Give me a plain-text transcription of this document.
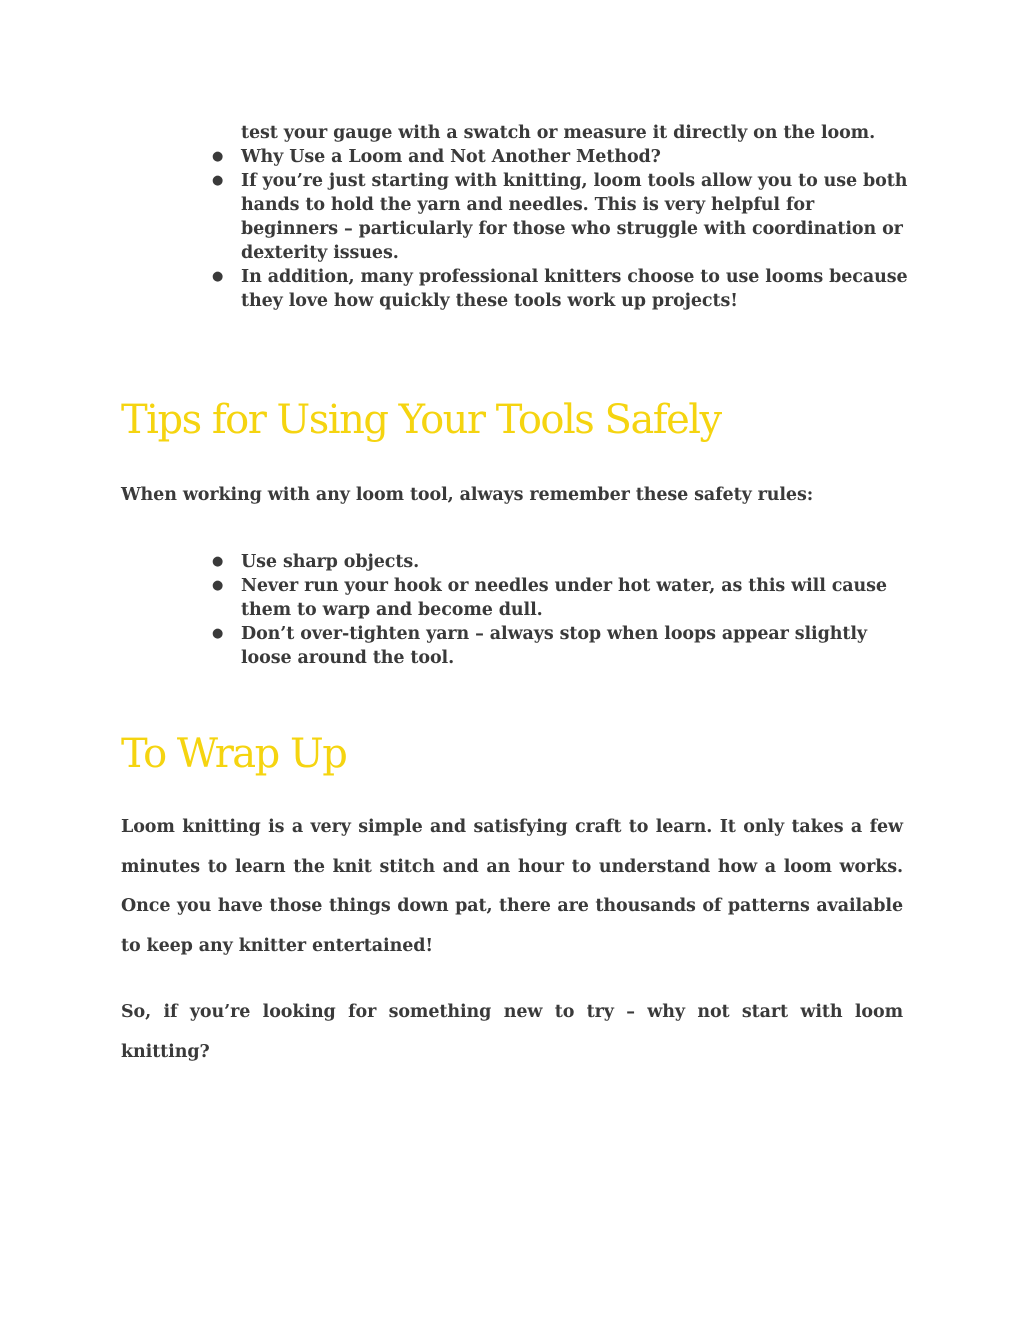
test your gauge with a swatch or measure it directly on the loom.
● Why Use a Loom and Not Another Method?
● If you’re just starting with knitting, loom tools allow you to use both hands to hold the yarn and needles. This is very helpful for beginners – particularly for those who struggle with coordination or dexterity issues.
● In addition, many professional knitters choose to use looms because they love how quickly these tools work up projects!
Tips for Using Your Tools Safely

When working with any loom tool, always remember these safety rules:

● Use sharp objects.
● Never run your hook or needles under hot water, as this will cause them to warp and become dull.
● Don’t over-tighten yarn – always stop when loops appear slightly loose around the tool.
To Wrap Up

Loom knitting is a very simple and satisfying craft to learn. It only takes a few minutes to learn the knit stitch and an hour to understand how a loom works. Once you have those things down pat, there are thousands of patterns available to keep any knitter entertained!

So, if you’re looking for something new to try – why not start with loom knitting?
